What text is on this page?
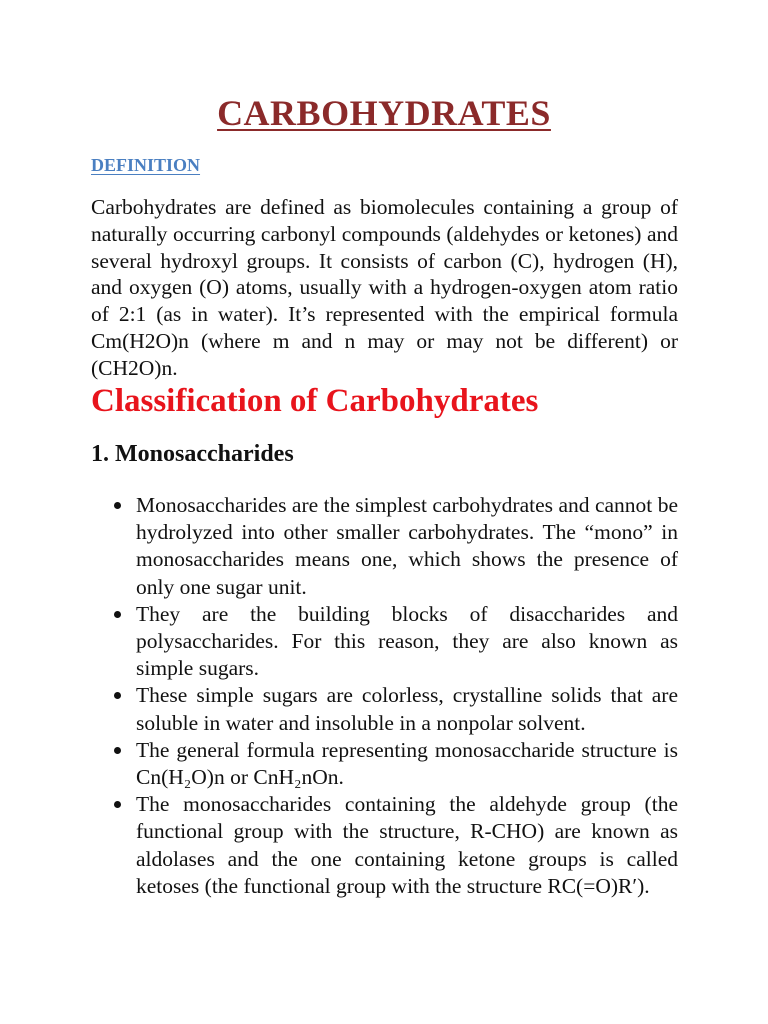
CARBOHYDRATES
DEFINITION

Carbohydrates are defined as biomolecules containing a group of naturally occurring carbonyl compounds (aldehydes or ketones) and several hydroxyl groups. It consists of carbon (C), hydrogen (H), and oxygen (O) atoms, usually with a hydrogen-oxygen atom ratio of 2:1 (as in water). It’s represented with the empirical formula Cm(H2O)n (where m and n may or may not be different) or (CH2O)n.

Classification of Carbohydrates
1. Monosaccharides
Monosaccharides are the simplest carbohydrates and cannot be hydrolyzed into other smaller carbohydrates. The “mono” in monosaccharides means one, which shows the presence of only one sugar unit.
They are the building blocks of disaccharides and polysaccharides. For this reason, they are also known as simple sugars.
These simple sugars are colorless, crystalline solids that are soluble in water and insoluble in a nonpolar solvent.
The general formula representing monosaccharide structure is Cn(H₂O)n or CnH₂nOn.
The monosaccharides containing the aldehyde group (the functional group with the structure, R-CHO) are known as aldolases and the one containing ketone groups is called ketoses (the functional group with the structure RC(=O)R′).
